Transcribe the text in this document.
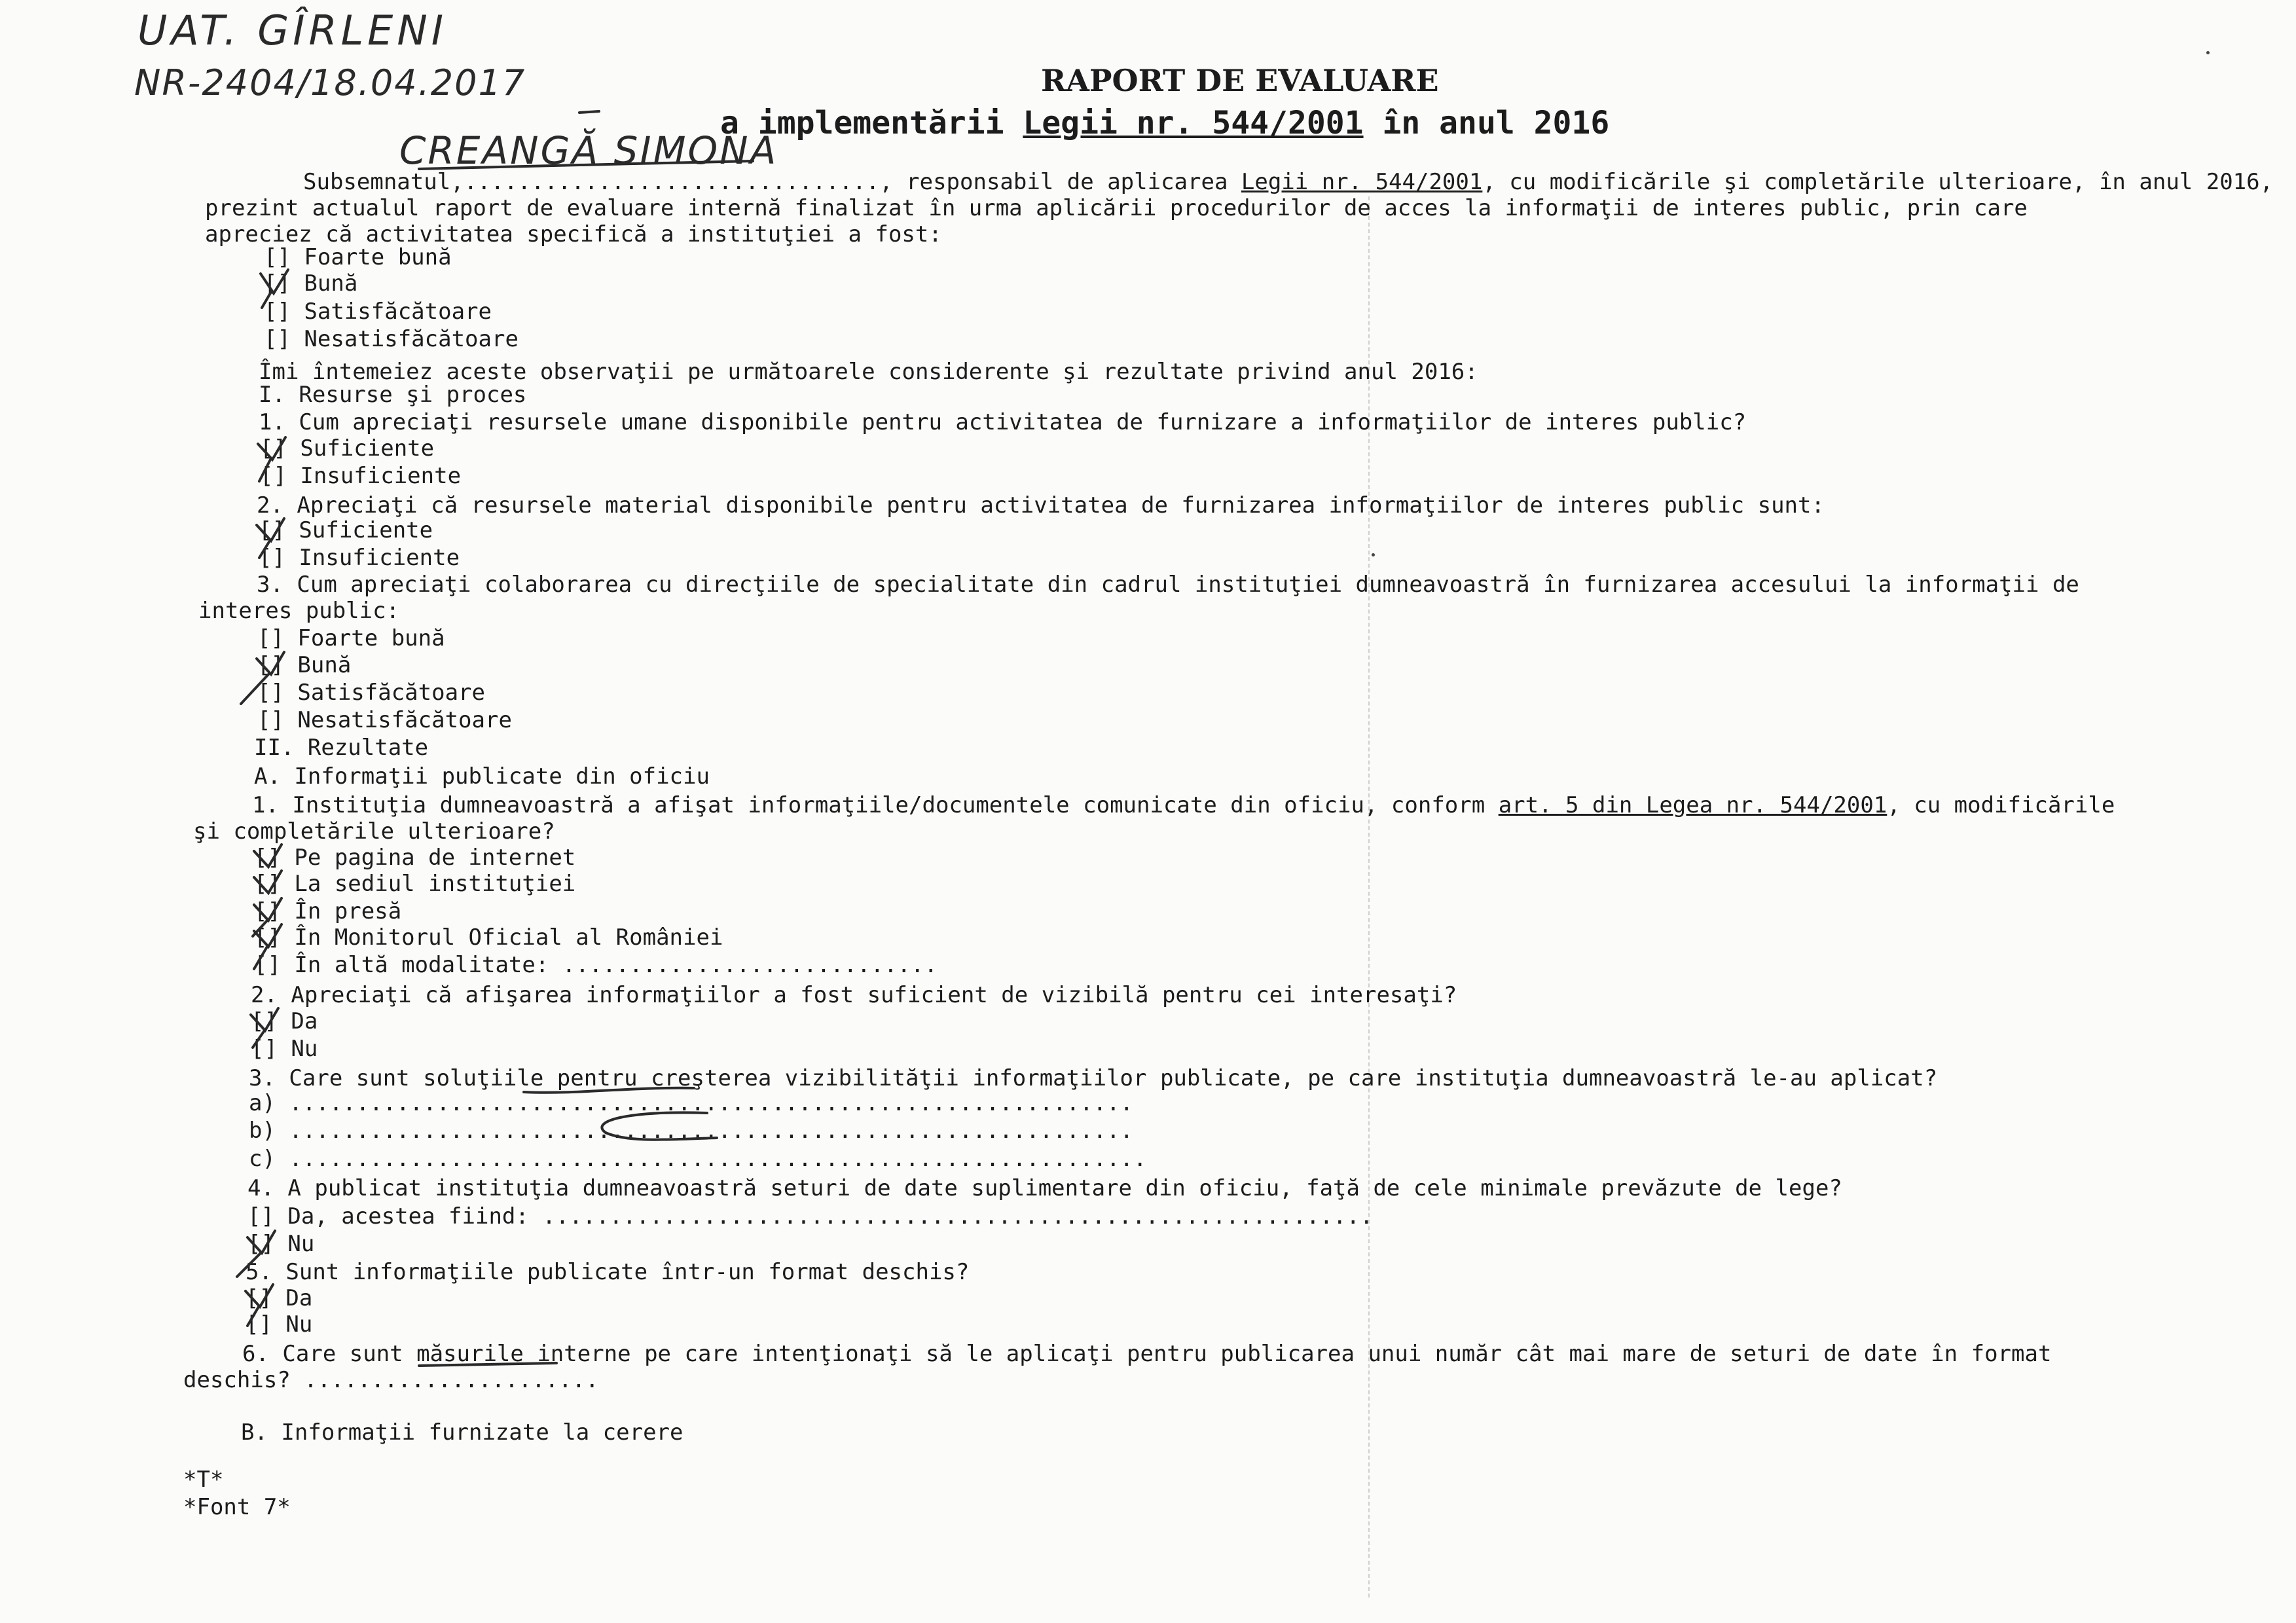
UAT. GÎRLENI
NR-2404/18.04.2017	RAPORT DE EVALUARE
a implementării Legii nr. 544/2001 în anul 2016
CREANGĂ SIMONA
Subsemnatul,..............................., responsabil de aplicarea Legii nr. 544/2001, cu modificările şi completările ulterioare, în anul 2016,
prezint actualul raport de evaluare internă finalizat în urma aplicării procedurilor de acces la informaţii de interes public, prin care
apreciez că activitatea specifică a instituţiei a fost:
[] Foarte bună
[] Bună
[] Satisfăcătoare
[] Nesatisfăcătoare
Îmi întemeiez aceste observaţii pe următoarele considerente şi rezultate privind anul 2016:
I. Resurse şi proces
1. Cum apreciaţi resursele umane disponibile pentru activitatea de furnizare a informaţiilor de interes public?
[] Suficiente
[] Insuficiente
2. Apreciaţi că resursele material disponibile pentru activitatea de furnizarea informaţiilor de interes public sunt:
[] Suficiente
[] Insuficiente
3. Cum apreciaţi colaborarea cu direcţiile de specialitate din cadrul instituţiei dumneavoastră în furnizarea accesului la informaţii de
interes public:
[] Foarte bună
[] Bună
[] Satisfăcătoare
[] Nesatisfăcătoare
II. Rezultate
A. Informaţii publicate din oficiu
1. Instituţia dumneavoastră a afişat informaţiile/documentele comunicate din oficiu, conform art. 5 din Legea nr. 544/2001, cu modificările
şi completările ulterioare?
[] Pe pagina de internet
[] La sediul instituţiei
[] În presă
[] În Monitorul Oficial al României
[] În altă modalitate: ............................
2. Apreciaţi că afişarea informaţiilor a fost suficient de vizibilă pentru cei interesaţi?
[] Da
[] Nu
3. Care sunt soluţiile pentru creşterea vizibilităţii informaţiilor publicate, pe care instituţia dumneavoastră le-au aplicat?
a) ...............................................................
b) ...............................................................
c) ................................................................
4. A publicat instituţia dumneavoastră seturi de date suplimentare din oficiu, faţă de cele minimale prevăzute de lege?
[] Da, acestea fiind: ..............................................................
[] Nu
5. Sunt informaţiile publicate într-un format deschis?
[] Da
[] Nu
6. Care sunt măsurile interne pe care intenţionaţi să le aplicaţi pentru publicarea unui număr cât mai mare de seturi de date în format
deschis? ......................
B. Informaţii furnizate la cerere
*T*
*Font 7*
